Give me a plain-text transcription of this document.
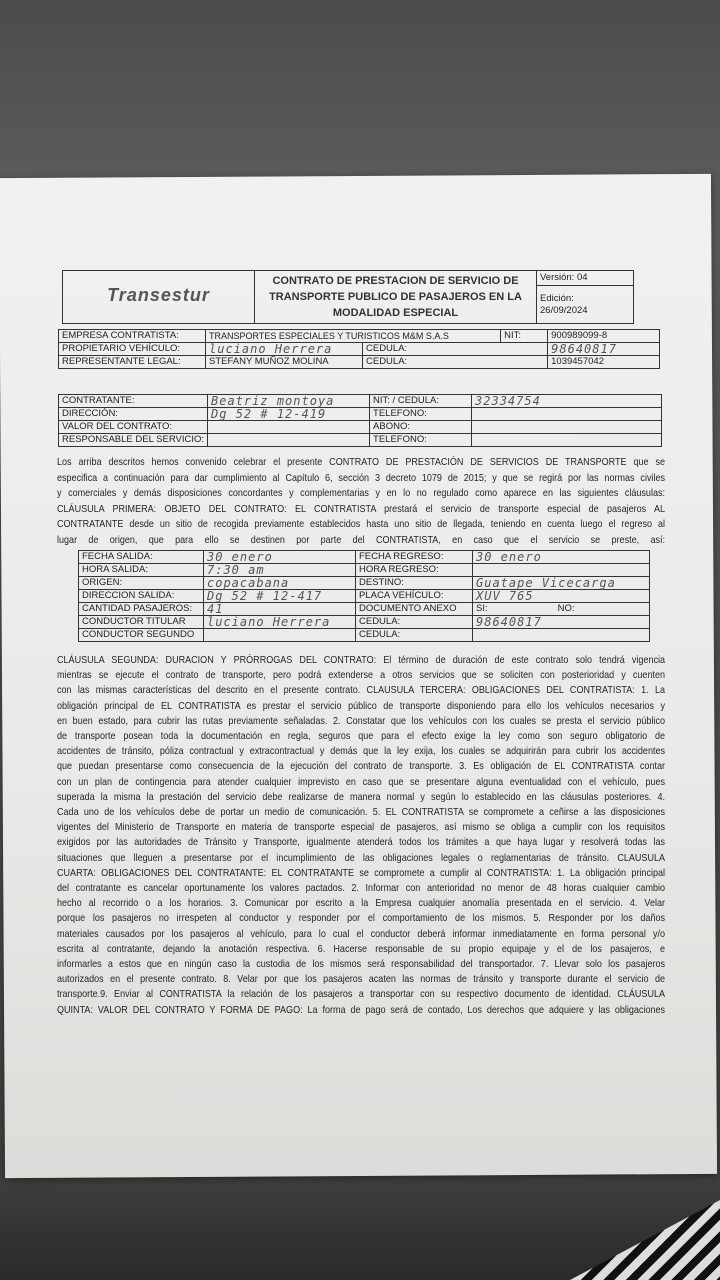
Transestur	
CONTRATO DE PRESTACION DE SERVICIO DE
TRANSPORTE PUBLICO DE PASAJEROS EN LA
MODALIDAD ESPECIAL
	Versión: 04

Edición:
26/09/2024
EMPRESA CONTRATISTA:	TRANSPORTES ESPECIALES Y TURISTICOS M&M S.A.S		NIT:	900989099-8
PROPIETARIO VEHÍCULO:	luciano Herrera	CEDULA:		98640817
REPRESENTANTE LEGAL:	STEFANY MUÑOZ MOLINA	CEDULA:		1039457042
CONTRATANTE:	Beatriz montoya	NIT: / CEDULA:	32334754
DIRECCIÓN:	Dg 52 # 12-419	TELEFONO:	
VALOR DEL CONTRATO:		ABONO:	
RESPONSABLE DEL SERVICIO:		TELEFONO:	
Los arriba descritos hemos convenido celebrar el presente CONTRATO DE PRESTACIÓN DE SERVICIOS DE TRANSPORTE que se
especifica a continuación para dar cumplimiento al Capítulo 6, sección 3 decreto 1079 de 2015; y que se regirá por las normas civiles
y comerciales y demás disposiciones concordantes y complementarias y en lo no regulado como aparece en las siguientes cláusulas:
CLÁUSULA PRIMERA: OBJETO DEL CONTRATO: EL CONTRATISTA prestará el servicio de transporte especial de pasajeros AL
CONTRATANTE desde un sitio de recogida previamente establecidos hasta uno sitio de llegada, teniendo en cuenta luego el regreso al
lugar de origen, que para ello se destinen por parte del CONTRATISTA, en caso que el servicio se preste, así:
FECHA SALIDA:	30 enero	FECHA REGRESO:	30 enero
HORA SALIDA:	7:30 am	HORA REGRESO:	
ORIGEN:	copacabana	DESTINO:	Guatape Vicecarga
DIRECCION SALIDA:	Dg 52 # 12-417	PLACA VEHÍCULO:	XUV 765
CANTIDAD PASAJEROS:	41	DOCUMENTO ANEXO	SI: NO:
CONDUCTOR TITULAR	luciano Herrera	CEDULA:	98640817
CONDUCTOR SEGUNDO		CEDULA:	
CLÁUSULA SEGUNDA: DURACION Y PRÓRROGAS DEL CONTRATO: El término de duración de este contrato solo tendrá vigencia
mientras se ejecute el contrato de transporte, pero podrá extenderse a otros servicios que se soliciten con posterioridad y cuenten
con las mismas características del descrito en el presente contrato. CLAUSULA TERCERA: OBLIGACIONES DEL CONTRATISTA: 1. La
obligación principal de EL CONTRATISTA es prestar el servicio público de transporte disponiendo para ello los vehículos necesarios y
en buen estado, para cubrir las rutas previamente señaladas. 2. Constatar que los vehículos con los cuales se presta el servicio público
de transporte posean toda la documentación en regla, seguros que para el efecto exige la ley como son seguro obligatorio de
accidentes de tránsito, póliza contractual y extracontractual y demás que la ley exija, los cuales se adquirirán para cubrir los accidentes
que puedan presentarse como consecuencia de la ejecución del contrato de transporte. 3. Es obligación de EL CONTRATISTA contar
con un plan de contingencia para atender cualquier imprevisto en caso que se presentare alguna eventualidad con el vehículo, pues
superada la misma la prestación del servicio debe realizarse de manera normal y según lo establecido en las cláusulas posteriores. 4.
Cada uno de los vehículos debe de portar un medio de comunicación. 5. EL CONTRATISTA se compromete a ceñirse a las disposiciones
vigentes del Ministerio de Transporte en materia de transporte especial de pasajeros, así mismo se obliga a cumplir con los requisitos
exigidos por las autoridades de Tránsito y Transporte, igualmente atenderá todos los trámites a que haya lugar y resolverá todas las
situaciones que lleguen a presentarse por el incumplimiento de las obligaciones legales o reglamentarias de tránsito. CLAUSULA
CUARTA: OBLIGACIONES DEL CONTRATANTE: EL CONTRATANTE se compromete a cumplir al CONTRATISTA: 1. La obligación principal
del contratante es cancelar oportunamente los valores pactados. 2. Informar con anterioridad no menor de 48 horas cualquier cambio
hecho al recorrido o a los horarios. 3. Comunicar por escrito a la Empresa cualquier anomalía presentada en el servicio. 4. Velar
porque los pasajeros no irrespeten al conductor y responder por el comportamiento de los mismos. 5. Responder por los daños
materiales causados por los pasajeros al vehículo, para lo cual el conductor deberá informar inmediatamente en forma personal y/o
escrita al contratante, dejando la anotación respectiva. 6. Hacerse responsable de su propio equipaje y el de los pasajeros, e
informarles a estos que en ningún caso la custodia de los mismos será responsabilidad del transportador. 7. Llevar solo los pasajeros
autorizados en el presente contrato. 8. Velar por que los pasajeros acaten las normas de tránsito y transporte durante el servicio de
transporte.9. Enviar al CONTRATISTA la relación de los pasajeros a transportar con su respectivo documento de identidad. CLÁUSULA
QUINTA: VALOR DEL CONTRATO Y FORMA DE PAGO: La forma de pago será de contado, Los derechos que adquiere y las obligaciones
